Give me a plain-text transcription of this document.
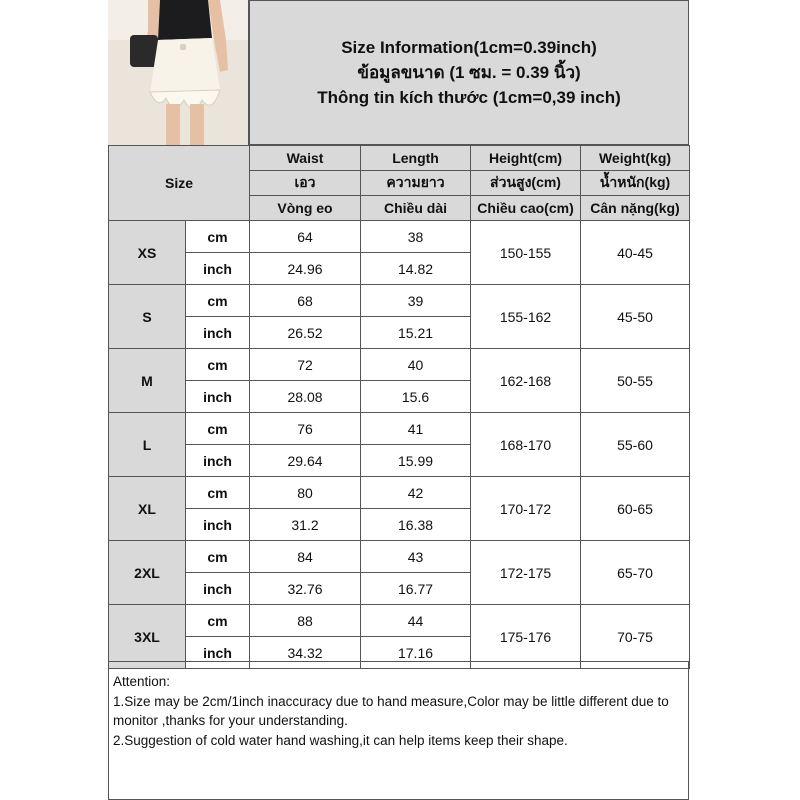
Size Information(1cm=0.39inch)
ข้อมูลขนาด (1 ซม. = 0.39 นิ้ว)
Thông tin kích thước (1cm=0,39 inch)
Size		Waist	Length	Height(cm)	Weight(kg)
		เอว	ความยาว	ส่วนสูง(cm)	น้ำหนัก(kg)
		Vòng eo	Chiều dài	Chiều cao(cm)	Cân nặng(kg)
XS	cm	64	38	150-155	40-45
	inch	24.96	14.82		
S	cm	68	39	155-162	45-50
	inch	26.52	15.21		
M	cm	72	40	162-168	50-55
	inch	28.08	15.6		
L	cm	76	41	168-170	55-60
	inch	29.64	15.99		
XL	cm	80	42	170-172	60-65
	inch	31.2	16.38		
2XL	cm	84	43	172-175	65-70
	inch	32.76	16.77		
3XL	cm	88	44	175-176	70-75
	inch	34.32	17.16		
Attention:
1.Size may be 2cm/1inch inaccuracy due to hand measure,Color may be little different due to monitor ,thanks for your understanding.
2.Suggestion of cold water hand washing,it can help items keep their shape.
